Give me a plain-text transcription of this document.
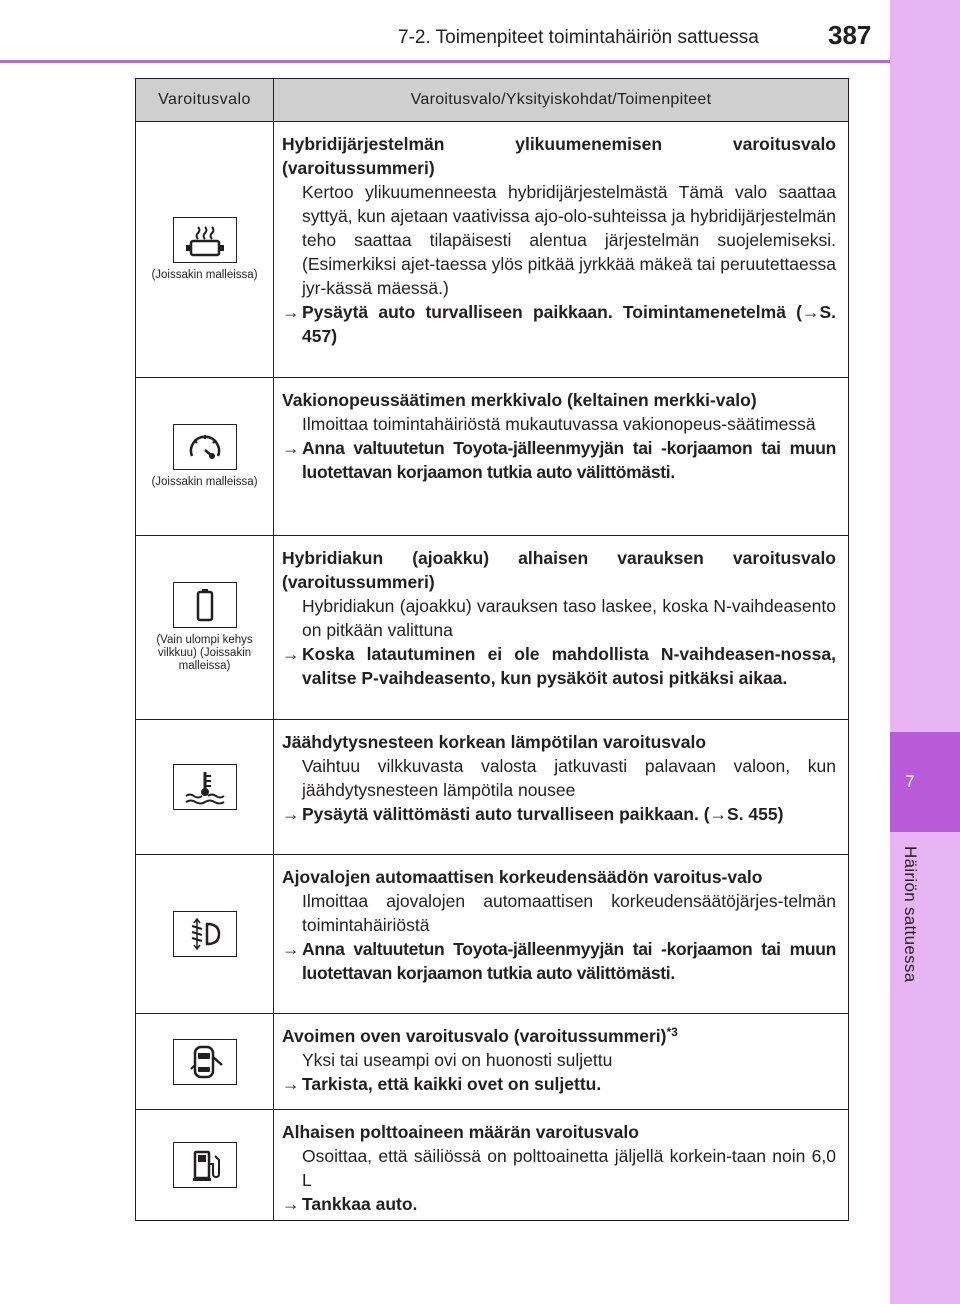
7-2. Toimenpiteet toimintahäiriön sattuessa	387
7
Häiriön sattuessa
Varoitusvalo	Varoitusvalo/Yksityiskohdat/Toimenpiteet
(Joissakin malleissa)
Hybridijärjestelmän ylikuumenemisen varoitusvalo (varoitussummeri)
Kertoo ylikuumenneesta hybridijärjestelmästä Tämä valo saattaa syttyä, kun ajetaan vaativissa ajo-olo-suhteissa ja hybridijärjestelmän teho saattaa tilapäisesti alentua järjestelmän suojelemiseksi. (Esimerkiksi ajet-taessa ylös pitkää jyrkkää mäkeä tai peruutettaessa jyr-kässä mäessä.)
→ Pysäytä auto turvalliseen paikkaan. Toimintamenetelmä (→S. 457)
(Joissakin malleissa)
Vakionopeussäätimen merkkivalo (keltainen merkki-valo)
Ilmoittaa toimintahäiriöstä mukautuvassa vakionopeus-säätimessä
→ Anna valtuutetun Toyota-jälleenmyyjän tai -korjaamon tai muun luotettavan korjaamon tutkia auto välittömästi.
(Vain ulompi kehys vilkkuu) (Joissakin malleissa)
Hybridiakun (ajoakku) alhaisen varauksen varoitusvalo (varoitussummeri)
Hybridiakun (ajoakku) varauksen taso laskee, koska N-vaihdeasento on pitkään valittuna
→ Koska latautuminen ei ole mahdollista N-vaihdeasen-nossa, valitse P-vaihdeasento, kun pysäköit autosi pitkäksi aikaa.
Jäähdytysnesteen korkean lämpötilan varoitusvalo
Vaihtuu vilkkuvasta valosta jatkuvasti palavaan valoon, kun jäähdytysnesteen lämpötila nousee
→ Pysäytä välittömästi auto turvalliseen paikkaan. (→S. 455)
Ajovalojen automaattisen korkeudensäädön varoitus-valo
Ilmoittaa ajovalojen automaattisen korkeudensäätöjärjes-telmän toimintahäiriöstä
→ Anna valtuutetun Toyota-jälleenmyyjän tai -korjaamon tai muun luotettavan korjaamon tutkia auto välittömästi.
Avoimen oven varoitusvalo (varoitussummeri)$^{*3}$
Yksi tai useampi ovi on huonosti suljettu
→ Tarkista, että kaikki ovet on suljettu.
Alhaisen polttoaineen määrän varoitusvalo
Osoittaa, että säiliössä on polttoainetta jäljellä korkein-taan noin 6,0 L
→ Tankkaa auto.
